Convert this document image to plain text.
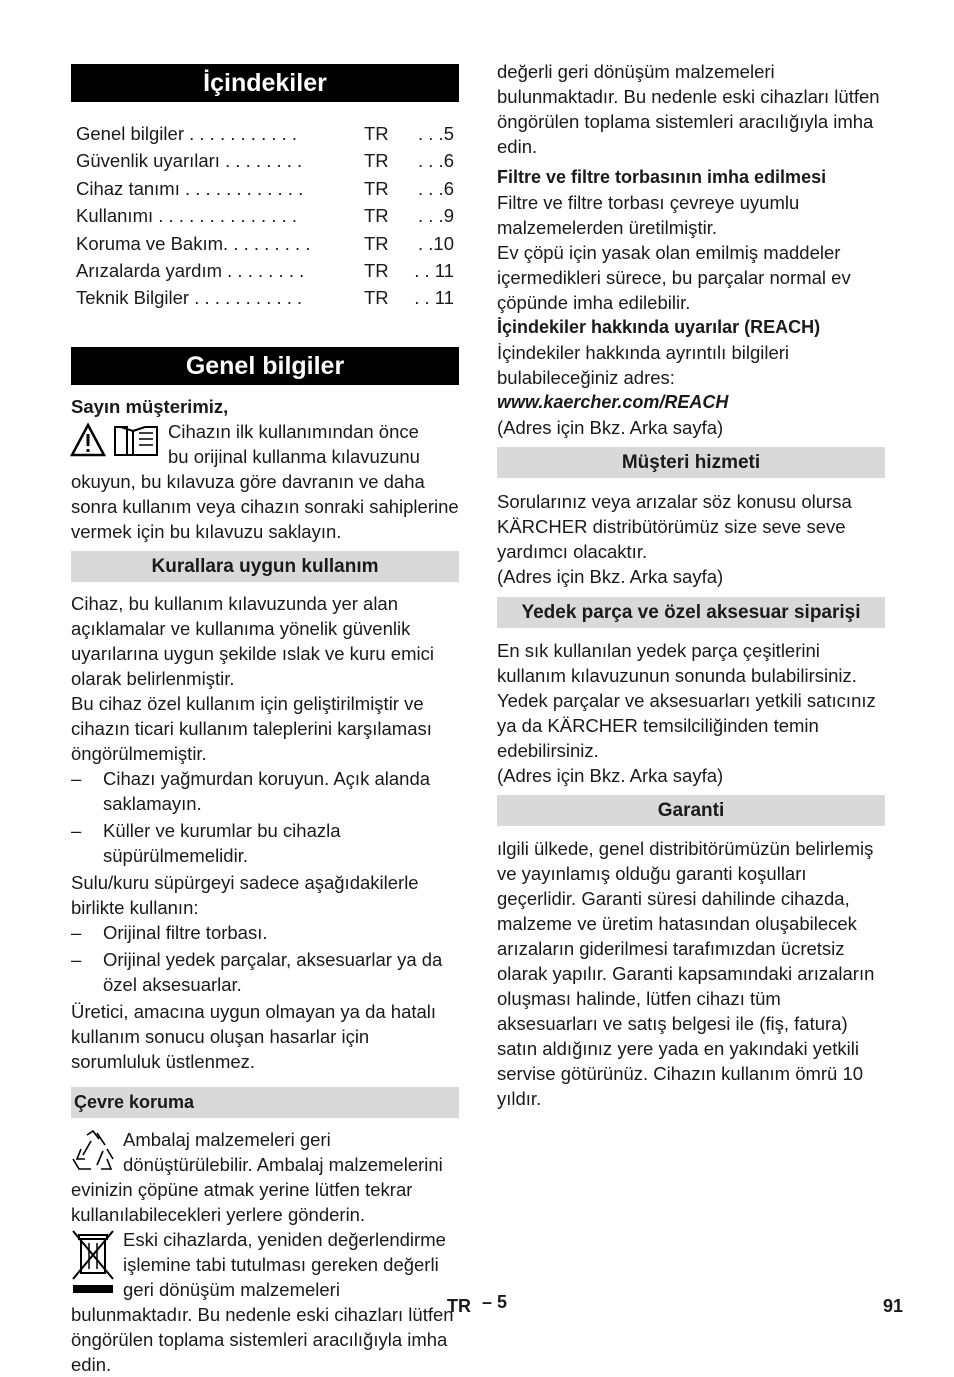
İçindekiler
Genel bilgiler . . . . . . . . . . .	TR	. . .5
Güvenlik uyarıları . . . . . . . .	TR	. . .6
Cihaz tanımı . . . . . . . . . . . .	TR	. . .6
Kullanımı . . . . . . . . . . . . . .	TR	. . .9
Koruma ve Bakım. . . . . . . . .	TR	. .10
Arızalarda yardım . . . . . . . .	TR	. . 11
Teknik Bilgiler . . . . . . . . . . .	TR	. . 11
Genel bilgiler

Sayın müşterimiz,

Cihazın ilk kullanımından önce

bu orijinal kullanma kılavuzunu

okuyun, bu kılavuza göre davranın ve daha sonra kullanım veya cihazın sonraki sahiplerine vermek için bu kılavuzu saklayın.

Kurallara uygun kullanım

Cihaz, bu kullanım kılavuzunda yer alan açıklamalar ve kullanıma yönelik güvenlik uyarılarına uygun şekilde ıslak ve kuru emici olarak belirlenmiştir.

Bu cihaz özel kullanım için geliştirilmiştir ve cihazın ticari kullanım taleplerini karşılaması öngörülmemiştir.

– Cihazı yağmurdan koruyun. Açık alanda saklamayın.
– Küller ve kurumlar bu cihazla süpürülmemelidir.

Sulu/kuru süpürgeyi sadece aşağıdakilerle birlikte kullanın:

– Orijinal filtre torbası.
– Orijinal yedek parçalar, aksesuarlar ya da özel aksesuarlar.

Üretici, amacına uygun olmayan ya da hatalı kullanım sonucu oluşan hasarlar için sorumluluk üstlenmez.

Çevre koruma

Ambalaj malzemeleri geri dönüştürülebilir. Ambalaj malzemelerini evinizin çöpüne atmak yerine lütfen tekrar kullanılabilecekleri yerlere gönderin.

Eski cihazlarda, yeniden değerlendirme işlemine tabi tutulması gereken değerli geri dönüşüm malzemeleri bulunmaktadır. Bu nedenle eski cihazları lütfen öngörülen toplama sistemleri aracılığıyla imha edin.

değerli geri dönüşüm malzemeleri bulunmaktadır. Bu nedenle eski cihazları lütfen öngörülen toplama sistemleri aracılığıyla imha edin.

Filtre ve filtre torbasının imha edilmesi

Filtre ve filtre torbası çevreye uyumlu malzemelerden üretilmiştir.

Ev çöpü için yasak olan emilmiş maddeler içermedikleri sürece, bu parçalar normal ev çöpünde imha edilebilir.

İçindekiler hakkında uyarılar (REACH)

İçindekiler hakkında ayrıntılı bilgileri bulabileceğiniz adres:

www.kaercher.com/REACH

(Adres için Bkz. Arka sayfa)

Müşteri hizmeti

Sorularınız veya arızalar söz konusu olursa KÄRCHER distribütörümüz size seve seve yardımcı olacaktır.

(Adres için Bkz. Arka sayfa)

Yedek parça ve özel aksesuar siparişi

En sık kullanılan yedek parça çeşitlerini kullanım kılavuzunun sonunda bulabilirsiniz.

Yedek parçalar ve aksesuarları yetkili satıcınız ya da KÄRCHER temsilciliğinden temin edebilirsiniz.

(Adres için Bkz. Arka sayfa)

Garanti

ılgili ülkede, genel distribitörümüzün belirlemiş ve yayınlamış olduğu garanti koşulları geçerlidir. Garanti süresi dahilinde cihazda, malzeme ve üretim hatasından oluşabilecek arızaların giderilmesi tarafımızdan ücretsiz olarak yapılır. Garanti kapsamındaki arızaların oluşması halinde, lütfen cihazı tüm aksesuarları ve satış belgesi ile (fiş, fatura) satın aldığınız yere yada en yakındaki yetkili servise götürünüz. Cihazın kullanım ömrü 10 yıldır.

TR – 5	91
